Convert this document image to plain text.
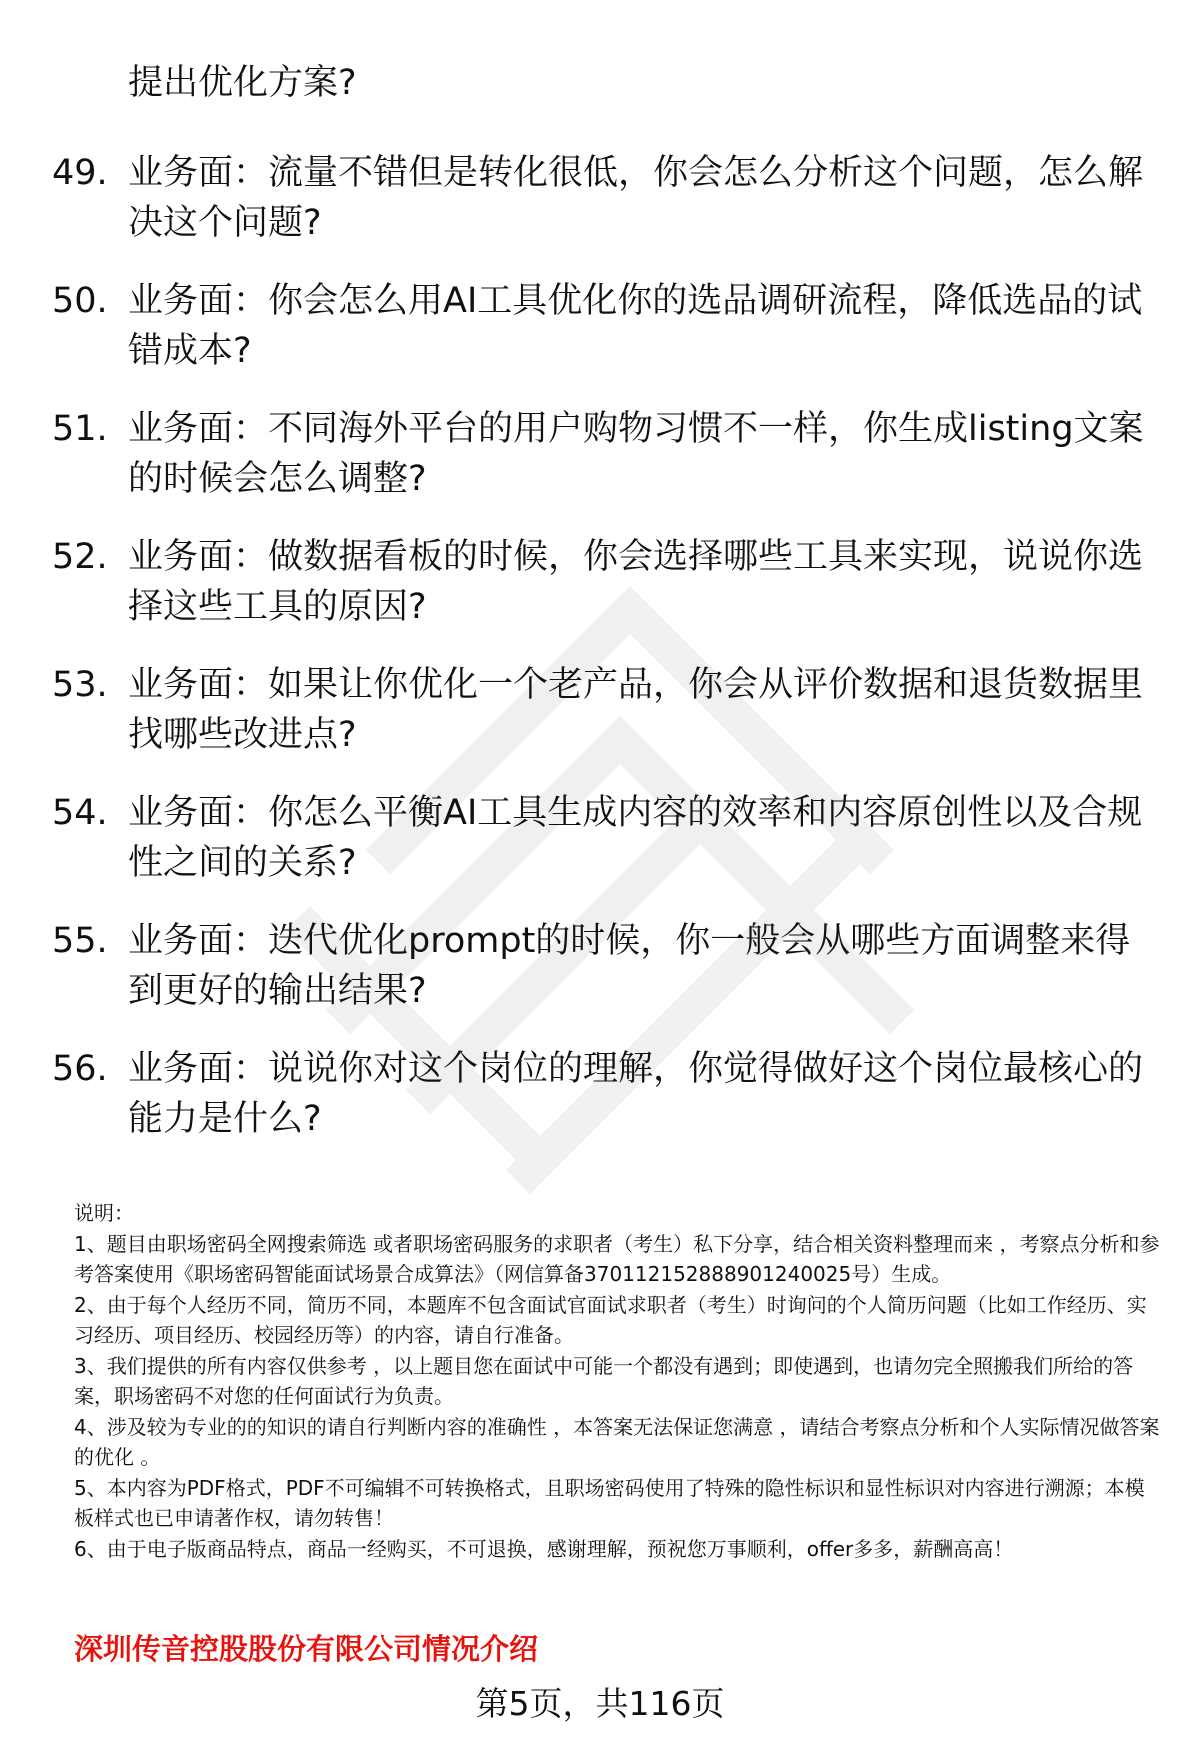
提出优化方案?
49. 业务面：流量不错但是转化很低，你会怎么分析这个问题，怎么解决这个问题?
50. 业务面：你会怎么用AI工具优化你的选品调研流程，降低选品的试错成本?
51. 业务面：不同海外平台的用户购物习惯不一样，你生成listing文案的时候会怎么调整?
52. 业务面：做数据看板的时候，你会选择哪些工具来实现，说说你选择这些工具的原因?
53. 业务面：如果让你优化一个老产品，你会从评价数据和退货数据里找哪些改进点?
54. 业务面：你怎么平衡AI工具生成内容的效率和内容原创性以及合规性之间的关系?
55. 业务面：迭代优化prompt的时候，你一般会从哪些方面调整来得到更好的输出结果?
56. 业务面：说说你对这个岗位的理解，你觉得做好这个岗位最核心的能力是什么?
说明：
1、题目由职场密码全网搜索筛选 或者职场密码服务的求职者（考生）私下分享，结合相关资料整理而来 ，考察点分析和参考答案使用《职场密码智能面试场景合成算法》（网信算备370112152888901240025号）生成。
2、由于每个人经历不同，简历不同，本题库不包含面试官面试求职者（考生）时询问的个人简历问题（比如工作经历、实习经历、项目经历、校园经历等）的内容，请自行准备。
3、我们提供的所有内容仅供参考 ，以上题目您在面试中可能一个都没有遇到；即使遇到，也请勿完全照搬我们所给的答案，职场密码不对您的任何面试行为负责。
4、涉及较为专业的的知识的请自行判断内容的准确性 ，本答案无法保证您满意 ，请结合考察点分析和个人实际情况做答案的优化 。
5、本内容为PDF格式，PDF不可编辑不可转换格式，且职场密码使用了特殊的隐性标识和显性标识对内容进行溯源；本模板样式也已申请著作权，请勿转售！
6、由于电子版商品特点，商品一经购买，不可退换，感谢理解，预祝您万事顺利，offer多多，薪酬高高！
深圳传音控股股份有限公司情况介绍
第5页，共116页
